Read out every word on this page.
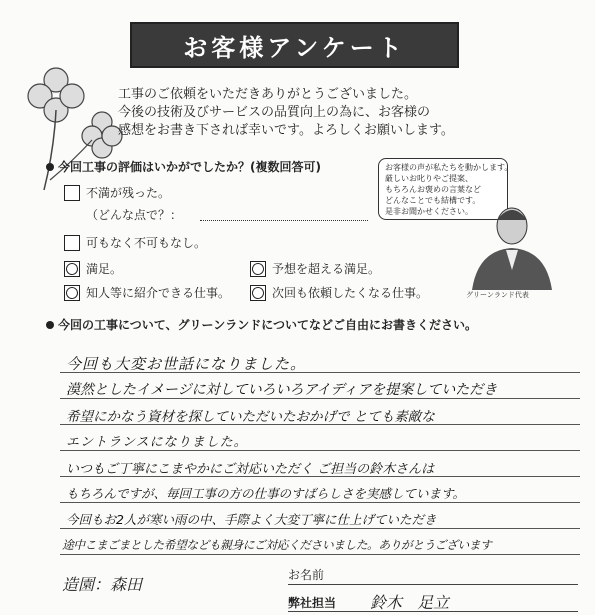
お客様アンケート
工事のご依頼をいただきありがとうございました。
今後の技術及びサービスの品質向上の為に、お客様の
感想をお書き下されば幸いです。よろしくお願いします。
今回工事の評価はいかがでしたか？(複数回答可)
不満が残った。
（どんな点で？：
可もなく不可もなし。
満足。	予想を超える満足。
知人等に紹介できる仕事。	次回も依頼したくなる仕事。
お客様の声が私たちを動かします。
厳しいお叱りやご提案、
もちろんお褒めの言葉など
どんなことでも結構です。
是非お聞かせください。
グリーンランド代表
今回の工事について、グリーンランドについてなどご自由にお書きください。
今回も大変お世話になりました。
漠然としたイメージに対していろいろアイディアを提案していただき
希望にかなう資材を探していただいたおかげで とても素敵な
エントランスになりました。
いつもご丁寧にこまやかにご対応いただく ご担当の鈴木さんは
もちろんですが、毎回工事の方の仕事のすばらしさを実感しています。
今回もお2人が寒い雨の中、手際よく大変丁寧に仕上げていただき
途中こまごまとした希望なども親身にご対応くださいました。ありがとうございます
造園：森田	お名前
弊社担当 鈴木 足立
